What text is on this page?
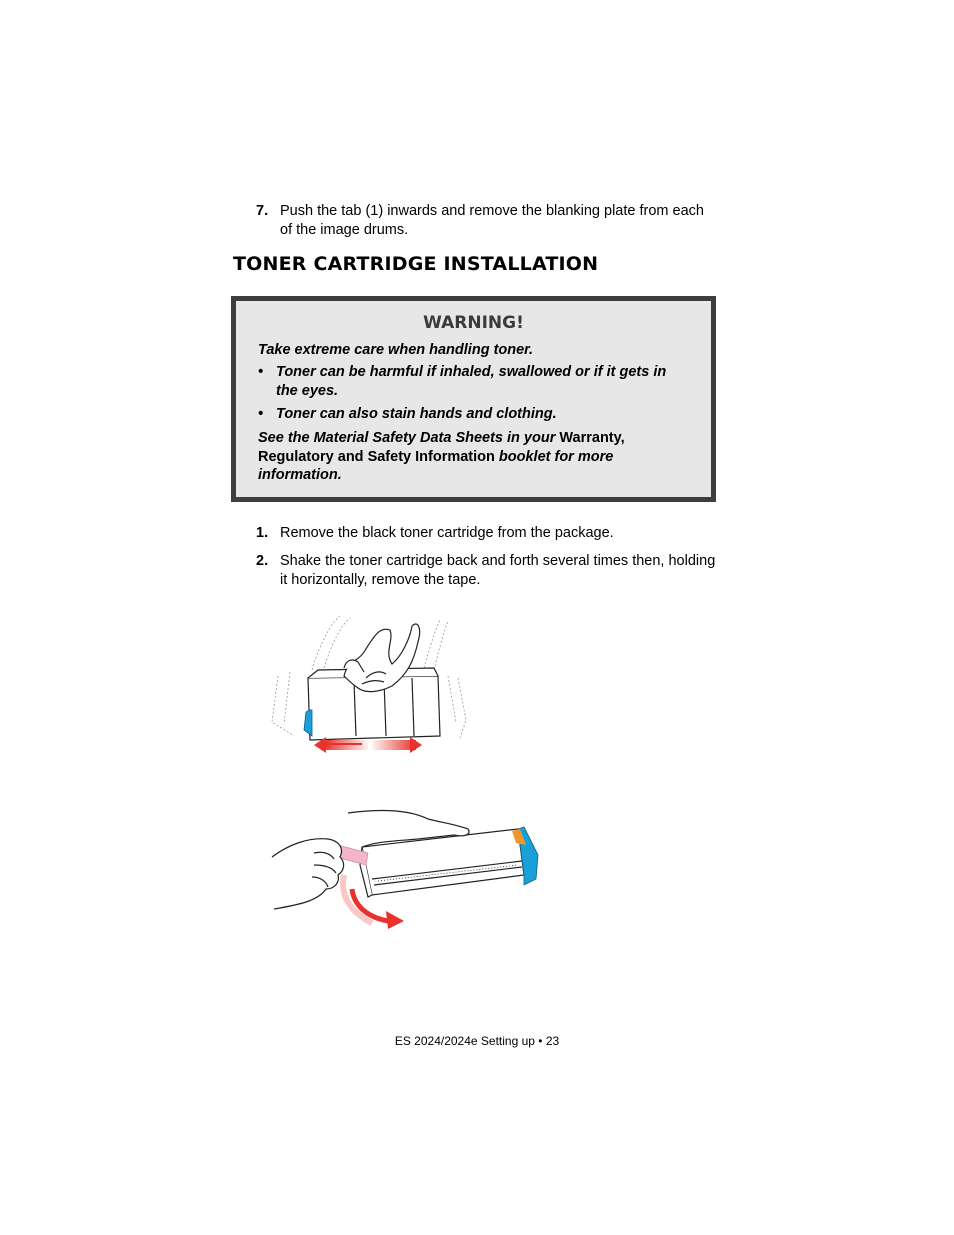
7. Push the tab (1) inwards and remove the blanking plate from each of the image drums.
TONER CARTRIDGE INSTALLATION
WARNING!
Take extreme care when handling toner.
• Toner can be harmful if inhaled, swallowed or if it gets in the eyes.
• Toner can also stain hands and clothing.
See the Material Safety Data Sheets in your Warranty, Regulatory and Safety Information booklet for more information.
1. Remove the black toner cartridge from the package.
2. Shake the toner cartridge back and forth several times then, holding it horizontally, remove the tape.
ES 2024/2024e Setting up • 23
